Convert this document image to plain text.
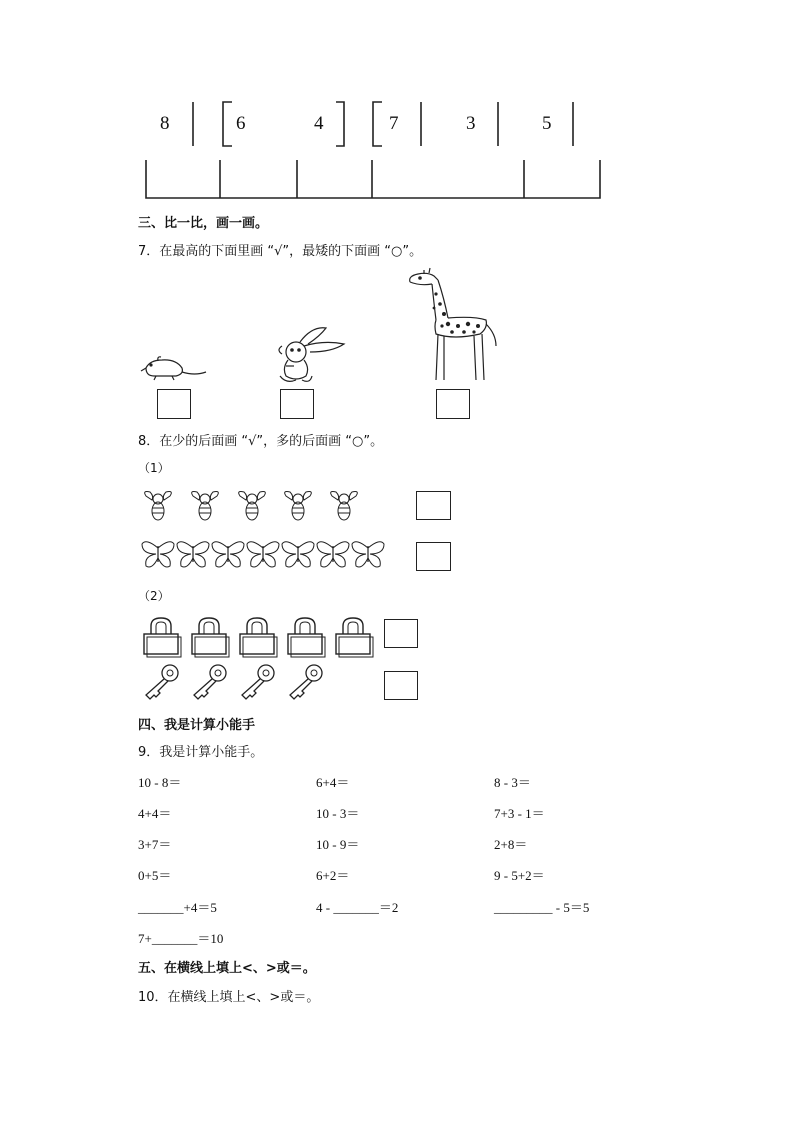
8	6	4	7	3	5
三、比一比，画一画。
7．在最高的下面里画 “√”，最矮的下面画 “○”。
8．在少的后面画 “√”，多的后面画 “○”。
（1）
（2）
四、我是计算小能手
9．我是计算小能手。
10 - 8＝	6+4＝	8 - 3＝
4+4＝	10 - 3＝	7+3 - 1＝
3+7＝	10 - 9＝	2+8＝
0+5＝	6+2＝	9 - 5+2＝
_______+4＝5	4 - _______＝2	_________ - 5＝5
7+_______＝10
五、在横线上填上<、>或＝。
10．在横线上填上<、>或＝。
